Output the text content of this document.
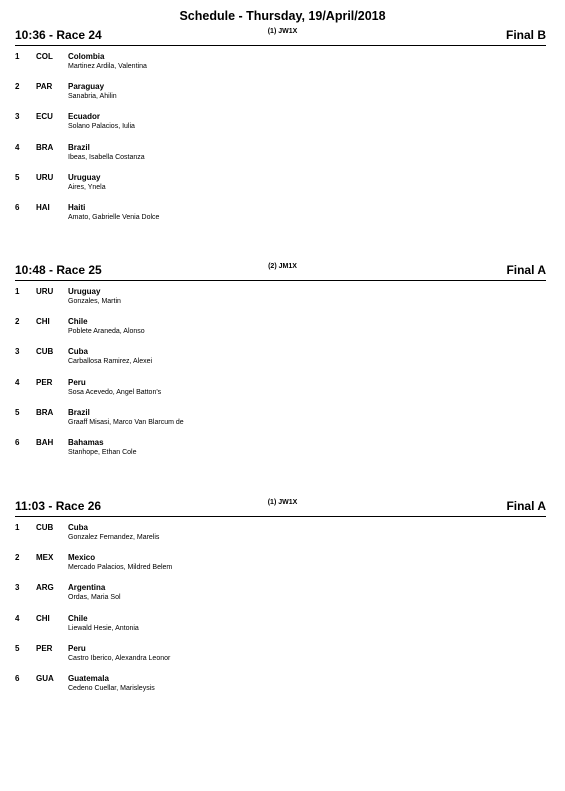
Schedule - Thursday, 19/April/2018
10:36 - Race 24	(1) JW1X	Final B
1 COL Colombia
Martinez Ardila, Valentina
2 PAR Paraguay
Sanabria, Ahilin
3 ECU Ecuador
Solano Palacios, Iulia
4 BRA Brazil
Ibeas, Isabella Costanza
5 URU Uruguay
Aires, Ynela
6 HAI Haiti
Amato, Gabrielle Venia Dolce
10:48 - Race 25	(2) JM1X	Final A
1 URU Uruguay
Gonzales, Martin
2 CHI Chile
Poblete Araneda, Alonso
3 CUB Cuba
Carballosa Ramirez, Alexei
4 PER Peru
Sosa Acevedo, Angel Batton's
5 BRA Brazil
Graaff Misasi, Marco Van Blarcum de
6 BAH Bahamas
Stanhope, Ethan Cole
11:03 - Race 26	(1) JW1X	Final A
1 CUB Cuba
Gonzalez Fernandez, Marelis
2 MEX Mexico
Mercado Palacios, Mildred Belem
3 ARG Argentina
Ordas, Maria Sol
4 CHI Chile
Liewald Hesie, Antonia
5 PER Peru
Castro Iberico, Alexandra Leonor
6 GUA Guatemala
Cedeno Cuellar, Marisleysis
